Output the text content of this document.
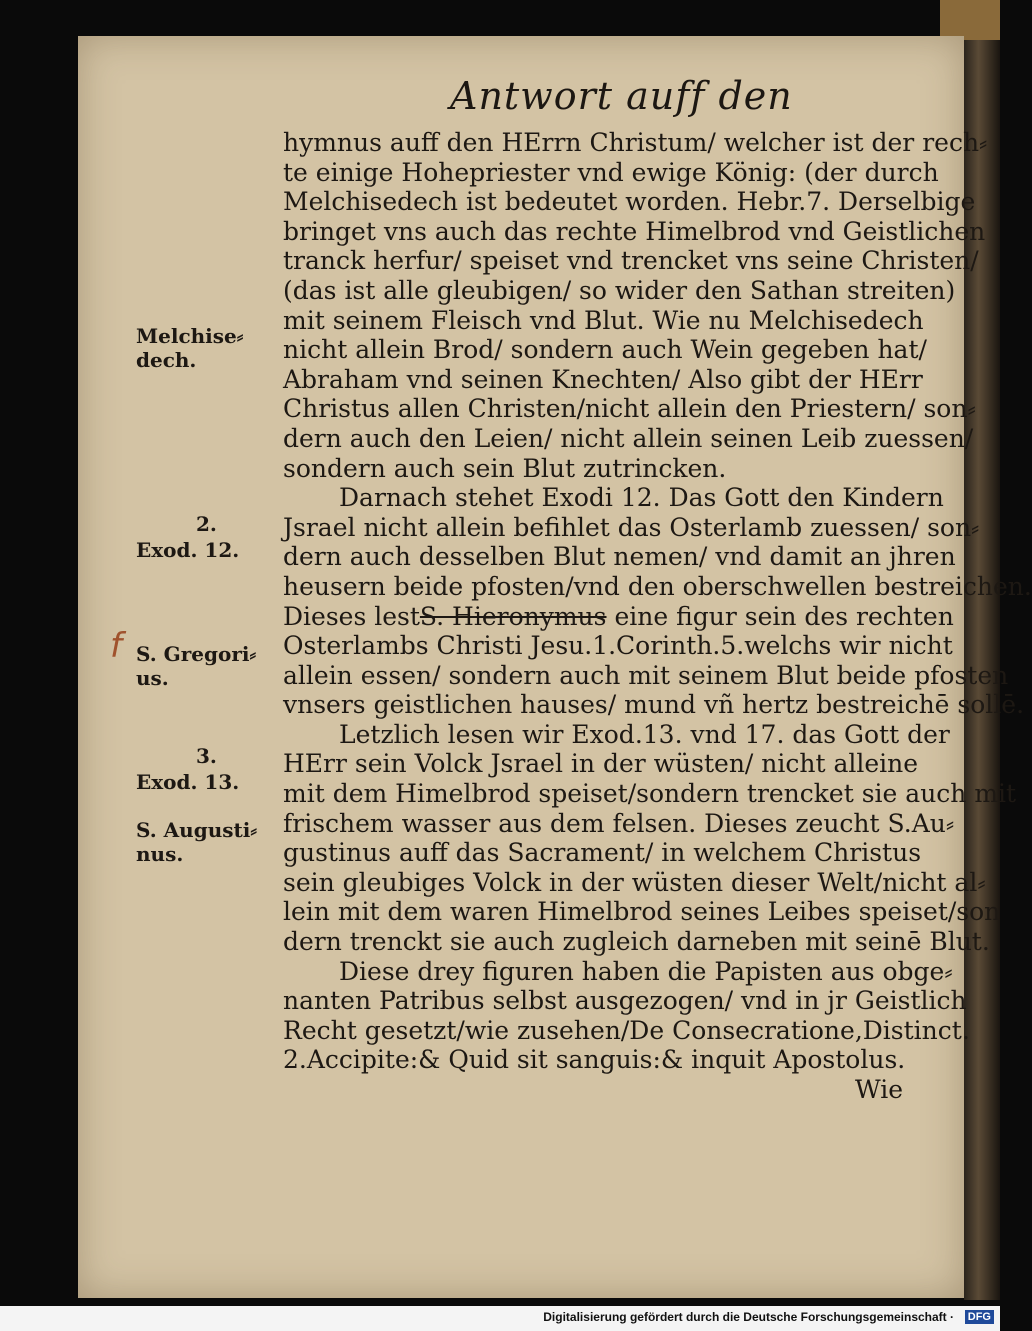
Antwort auff den
Melchise⸗
dech.
2.
Exod. 12.
f S. Gregori⸗
us.
3.
Exod. 13.
S. Augusti⸗
nus.
hymnus auff den HErrn Christum/ welcher ist der rech⸗
te einige Hohepriester vnd ewige König: (der durch
Melchisedech ist bedeutet worden. Hebr.7. Derselbige
bringet vns auch das rechte Himelbrod vnd Geistlichen
tranck herfur/ speiset vnd trencket vns seine Christen/
(das ist alle gleubigen/ so wider den Sathan streiten)
mit seinem Fleisch vnd Blut. Wie nu Melchisedech
nicht allein Brod/ sondern auch Wein gegeben hat/
Abraham vnd seinen Knechten/ Also gibt der HErr
Christus allen Christen/nicht allein den Priestern/ son⸗
dern auch den Leien/ nicht allein seinen Leib zuessen/
sondern auch sein Blut zutrincken.
Darnach stehet Exodi 12. Das Gott den Kindern
Jsrael nicht allein befihlet das Osterlamb zuessen/ son⸗
dern auch desselben Blut nemen/ vnd damit an jhren
heusern beide pfosten/vnd den oberschwellen bestreichen.
Dieses lestS. Hieronymus eine figur sein des rechten
Osterlambs Christi Jesu.1.Corinth.5.welchs wir nicht
allein essen/ sondern auch mit seinem Blut beide pfosten
vnsers geistlichen hauses/ mund vñ hertz bestreichē sollē.
Letzlich lesen wir Exod.13. vnd 17. das Gott der
HErr sein Volck Jsrael in der wüsten/ nicht alleine
mit dem Himelbrod speiset/sondern trencket sie auch mit
frischem wasser aus dem felsen. Dieses zeucht S.Au⸗
gustinus auff das Sacrament/ in welchem Christus
sein gleubiges Volck in der wüsten dieser Welt/nicht al⸗
lein mit dem waren Himelbrod seines Leibes speiset/son
dern trenckt sie auch zugleich darneben mit seinē Blut.
Diese drey figuren haben die Papisten aus obge⸗
nanten Patribus selbst ausgezogen/ vnd in jr Geistlich
Recht gesetzt/wie zusehen/De Consecratione,Distinct.
2.Accipite:& Quid sit sanguis:& inquit Apostolus.
Wie
Digitalisierung gefördert durch die Deutsche Forschungsgemeinschaft · DFG
